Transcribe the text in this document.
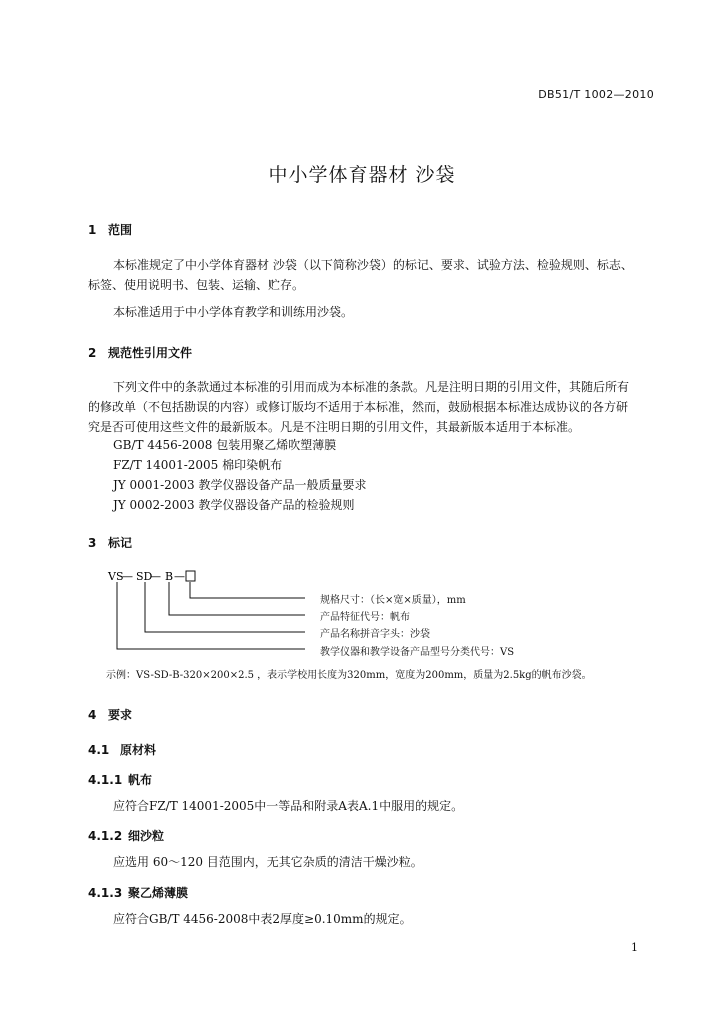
DB51/T 1002—2010
中小学体育器材 沙袋
1 范围
本标准规定了中小学体育器材 沙袋（以下简称沙袋）的标记、要求、试验方法、检验规则、标志、
标签、使用说明书、包装、运输、贮存。
本标准适用于中小学体育教学和训练用沙袋。
2 规范性引用文件
下列文件中的条款通过本标准的引用而成为本标准的条款。凡是注明日期的引用文件，其随后所有
的修改单（不包括勘误的内容）或修订版均不适用于本标准，然而，鼓励根据本标准达成协议的各方研
究是否可使用这些文件的最新版本。凡是不注明日期的引用文件，其最新版本适用于本标准。
GB/T 4456-2008 包装用聚乙烯吹塑薄膜
FZ/T 14001-2005 棉印染帆布
JY 0001-2003 教学仪器设备产品一般质量要求
JY 0002-2003 教学仪器设备产品的检验规则
3 标记
VS
— SD
— B —
规格尺寸：（长×宽×质量），mm
产品特征代号：帆布
产品名称拼音字头：沙袋
教学仪器和教学设备产品型号分类代号：VS
示例：VS-SD-B-320×200×2.5 ，表示学校用长度为320mm，宽度为200mm，质量为2.5kg的帆布沙袋。
4 要求
4.1 原材料
4.1.1 帆布
应符合FZ/T 14001-2005中一等品和附录A表A.1中服用的规定。
4.1.2 细沙粒
应选用 60～120 目范围内，无其它杂质的清洁干燥沙粒。
4.1.3 聚乙烯薄膜
应符合GB/T 4456-2008中表2厚度≥0.10mm的规定。
1
